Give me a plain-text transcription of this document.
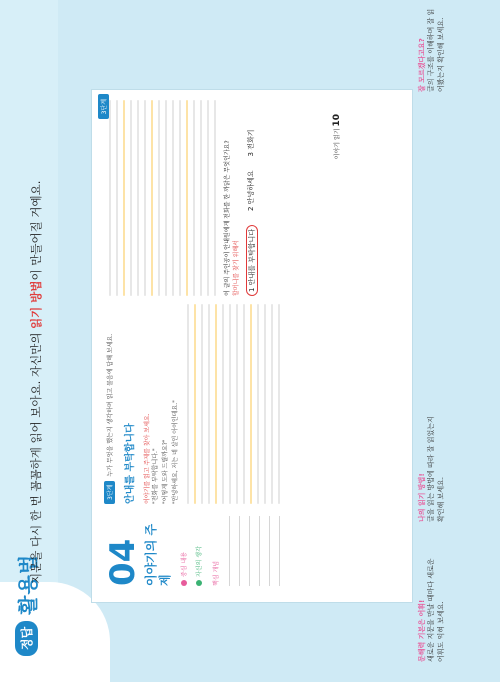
정답
활용법
지문을 다시 한 번 꼼꼼하게 읽어 보아요. 자신만의 읽기 방법이 만들어질 거예요.
3단계
04 이야기의 주제
중심 내용	자신의 생각	핵심 개념
3단계
누가 무엇을 했는지 생각하며 읽고 물음에 답해 보세요.	안내를 부탁합니다	이야기를 읽고 주제를 찾아 보세요. "전화를 부탁합니다." "어떻게 도와 드릴까요?" "안녕하세요, 저는 네 살인 아이인데요."
이 글의 주인공이 안내원에게 전화를 한 까닭은 무엇인가요? 할머니를 찾기 위해서 1 안내를 부탁합니다
2 안녕하세요
3 전화기	이야기 읽기 10
나의 읽기 방법! 글을 읽는 방법에 따라 잘 읽었는지 확인해 보세요.
문해력 기본은 어휘! 새로운 지문을 만날 때마다 새로운 어휘도 익혀 보세요.
잘 모르겠다고요? 글의 구조를 이해하며 잘 읽어봤는지 확인해 보세요.
